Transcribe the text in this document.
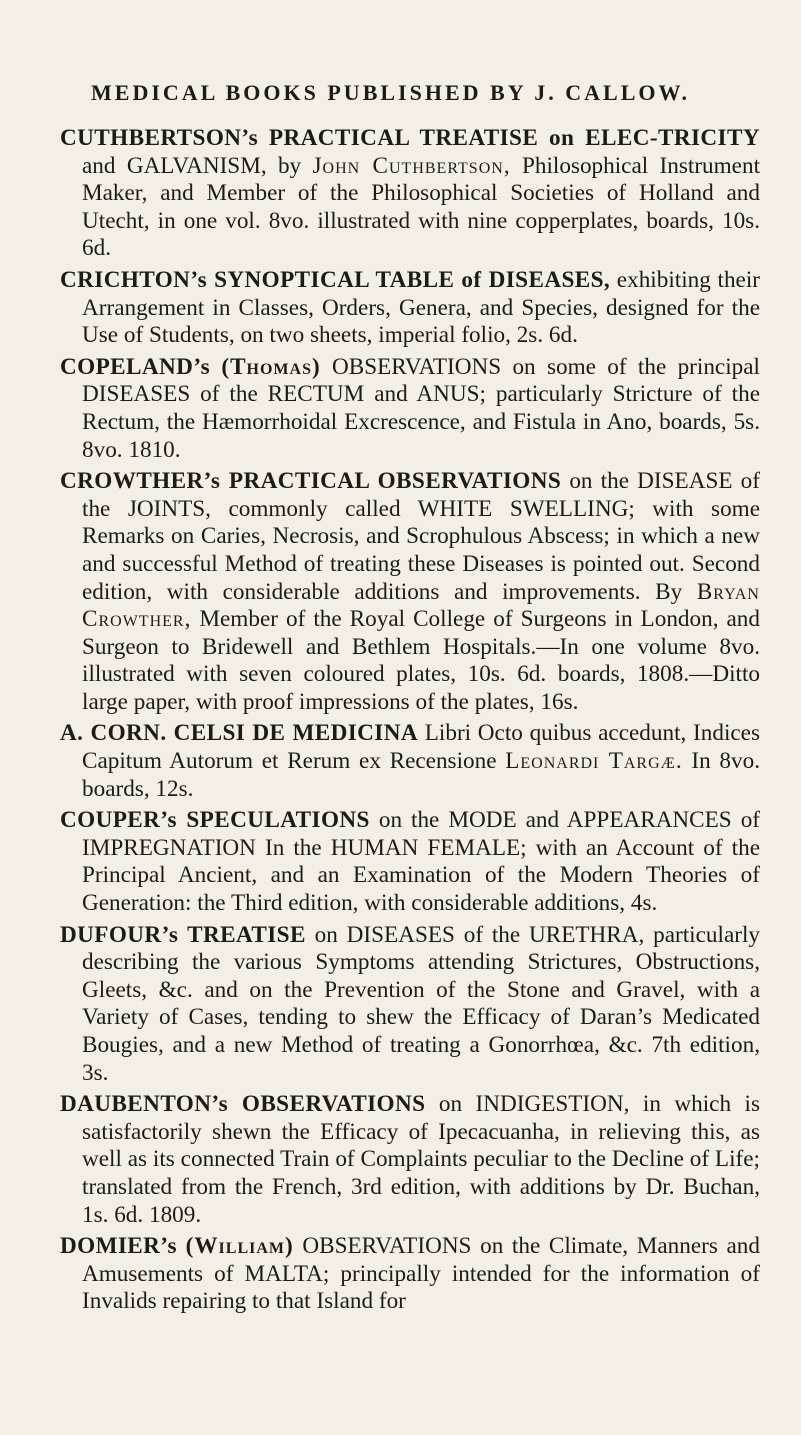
MEDICAL BOOKS PUBLISHED BY J. CALLOW.

CUTHBERTSON’s PRACTICAL TREATISE on ELEC-TRICITY and GALVANISM, by John Cuthbertson, Philosophical Instrument Maker, and Member of the Philosophical Societies of Holland and Utecht, in one vol. 8vo. illustrated with nine copperplates, boards, 10s. 6d.

CRICHTON’s SYNOPTICAL TABLE of DISEASES, exhibiting their Arrangement in Classes, Orders, Genera, and Species, designed for the Use of Students, on two sheets, imperial folio, 2s. 6d.

COPELAND’s (Thomas) OBSERVATIONS on some of the principal DISEASES of the RECTUM and ANUS; particularly Stricture of the Rectum, the Hæmorrhoidal Excrescence, and Fistula in Ano, boards, 5s. 8vo. 1810.

CROWTHER’s PRACTICAL OBSERVATIONS on the DISEASE of the JOINTS, commonly called WHITE SWELLING; with some Remarks on Caries, Necrosis, and Scrophulous Abscess; in which a new and successful Method of treating these Diseases is pointed out. Second edition, with considerable additions and improvements. By Bryan Crowther, Member of the Royal College of Surgeons in London, and Surgeon to Bridewell and Bethlem Hospitals.—In one volume 8vo. illustrated with seven coloured plates, 10s. 6d. boards, 1808.—Ditto large paper, with proof impressions of the plates, 16s.

A. CORN. CELSI DE MEDICINA Libri Octo quibus accedunt, Indices Capitum Autorum et Rerum ex Recensione Leonardi Targæ. In 8vo. boards, 12s.

COUPER’s SPECULATIONS on the MODE and APPEARANCES of IMPREGNATION In the HUMAN FEMALE; with an Account of the Principal Ancient, and an Examination of the Modern Theories of Generation: the Third edition, with considerable additions, 4s.

DUFOUR’s TREATISE on DISEASES of the URETHRA, particularly describing the various Symptoms attending Strictures, Obstructions, Gleets, &c. and on the Prevention of the Stone and Gravel, with a Variety of Cases, tending to shew the Efficacy of Daran’s Medicated Bougies, and a new Method of treating a Gonorrhœa, &c. 7th edition, 3s.

DAUBENTON’s OBSERVATIONS on INDIGESTION, in which is satisfactorily shewn the Efficacy of Ipecacuanha, in relieving this, as well as its connected Train of Complaints peculiar to the Decline of Life; translated from the French, 3rd edition, with additions by Dr. Buchan, 1s. 6d. 1809.

DOMIER’s (William) OBSERVATIONS on the Climate, Manners and Amusements of MALTA; principally intended for the information of Invalids repairing to that Island for
